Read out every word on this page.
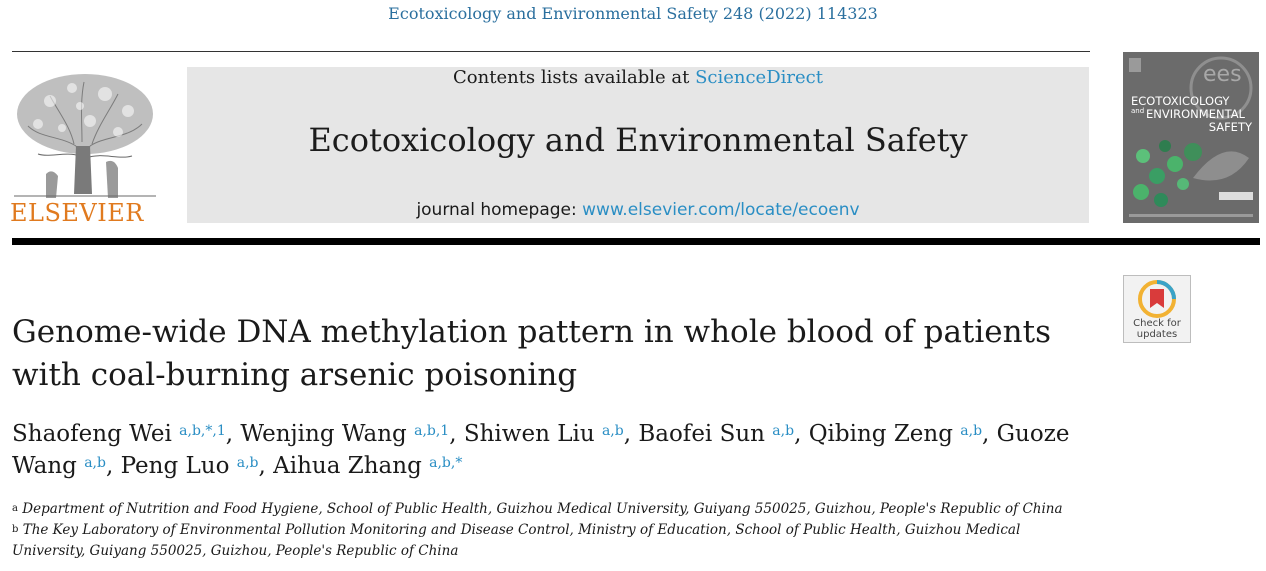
Ecotoxicology and Environmental Safety 248 (2022) 114323
ELSEVIER
Contents lists available at ScienceDirect
Ecotoxicology and Environmental Safety
journal homepage: www.elsevier.com/locate/ecoenv
ees
ECOTOXICOLOGY
and ENVIRONMENTAL
SAFETY
Check for
updates
Genome-wide DNA methylation pattern in whole blood of patients with coal-burning arsenic poisoning
Shaofeng Wei $^{a,b,*,1}$, Wenjing Wang $^{a,b,1}$, Shiwen Liu $^{a,b}$, Baofei Sun $^{a,b}$, Qibing Zeng $^{a,b}$, Guoze Wang $^{a,b}$, Peng Luo $^{a,b}$, Aihua Zhang $^{a,b,*}$
$^a$ Department of Nutrition and Food Hygiene, School of Public Health, Guizhou Medical University, Guiyang 550025, Guizhou, People's Republic of China
$^b$ The Key Laboratory of Environmental Pollution Monitoring and Disease Control, Ministry of Education, School of Public Health, Guizhou Medical University, Guiyang 550025, Guizhou, People's Republic of China
